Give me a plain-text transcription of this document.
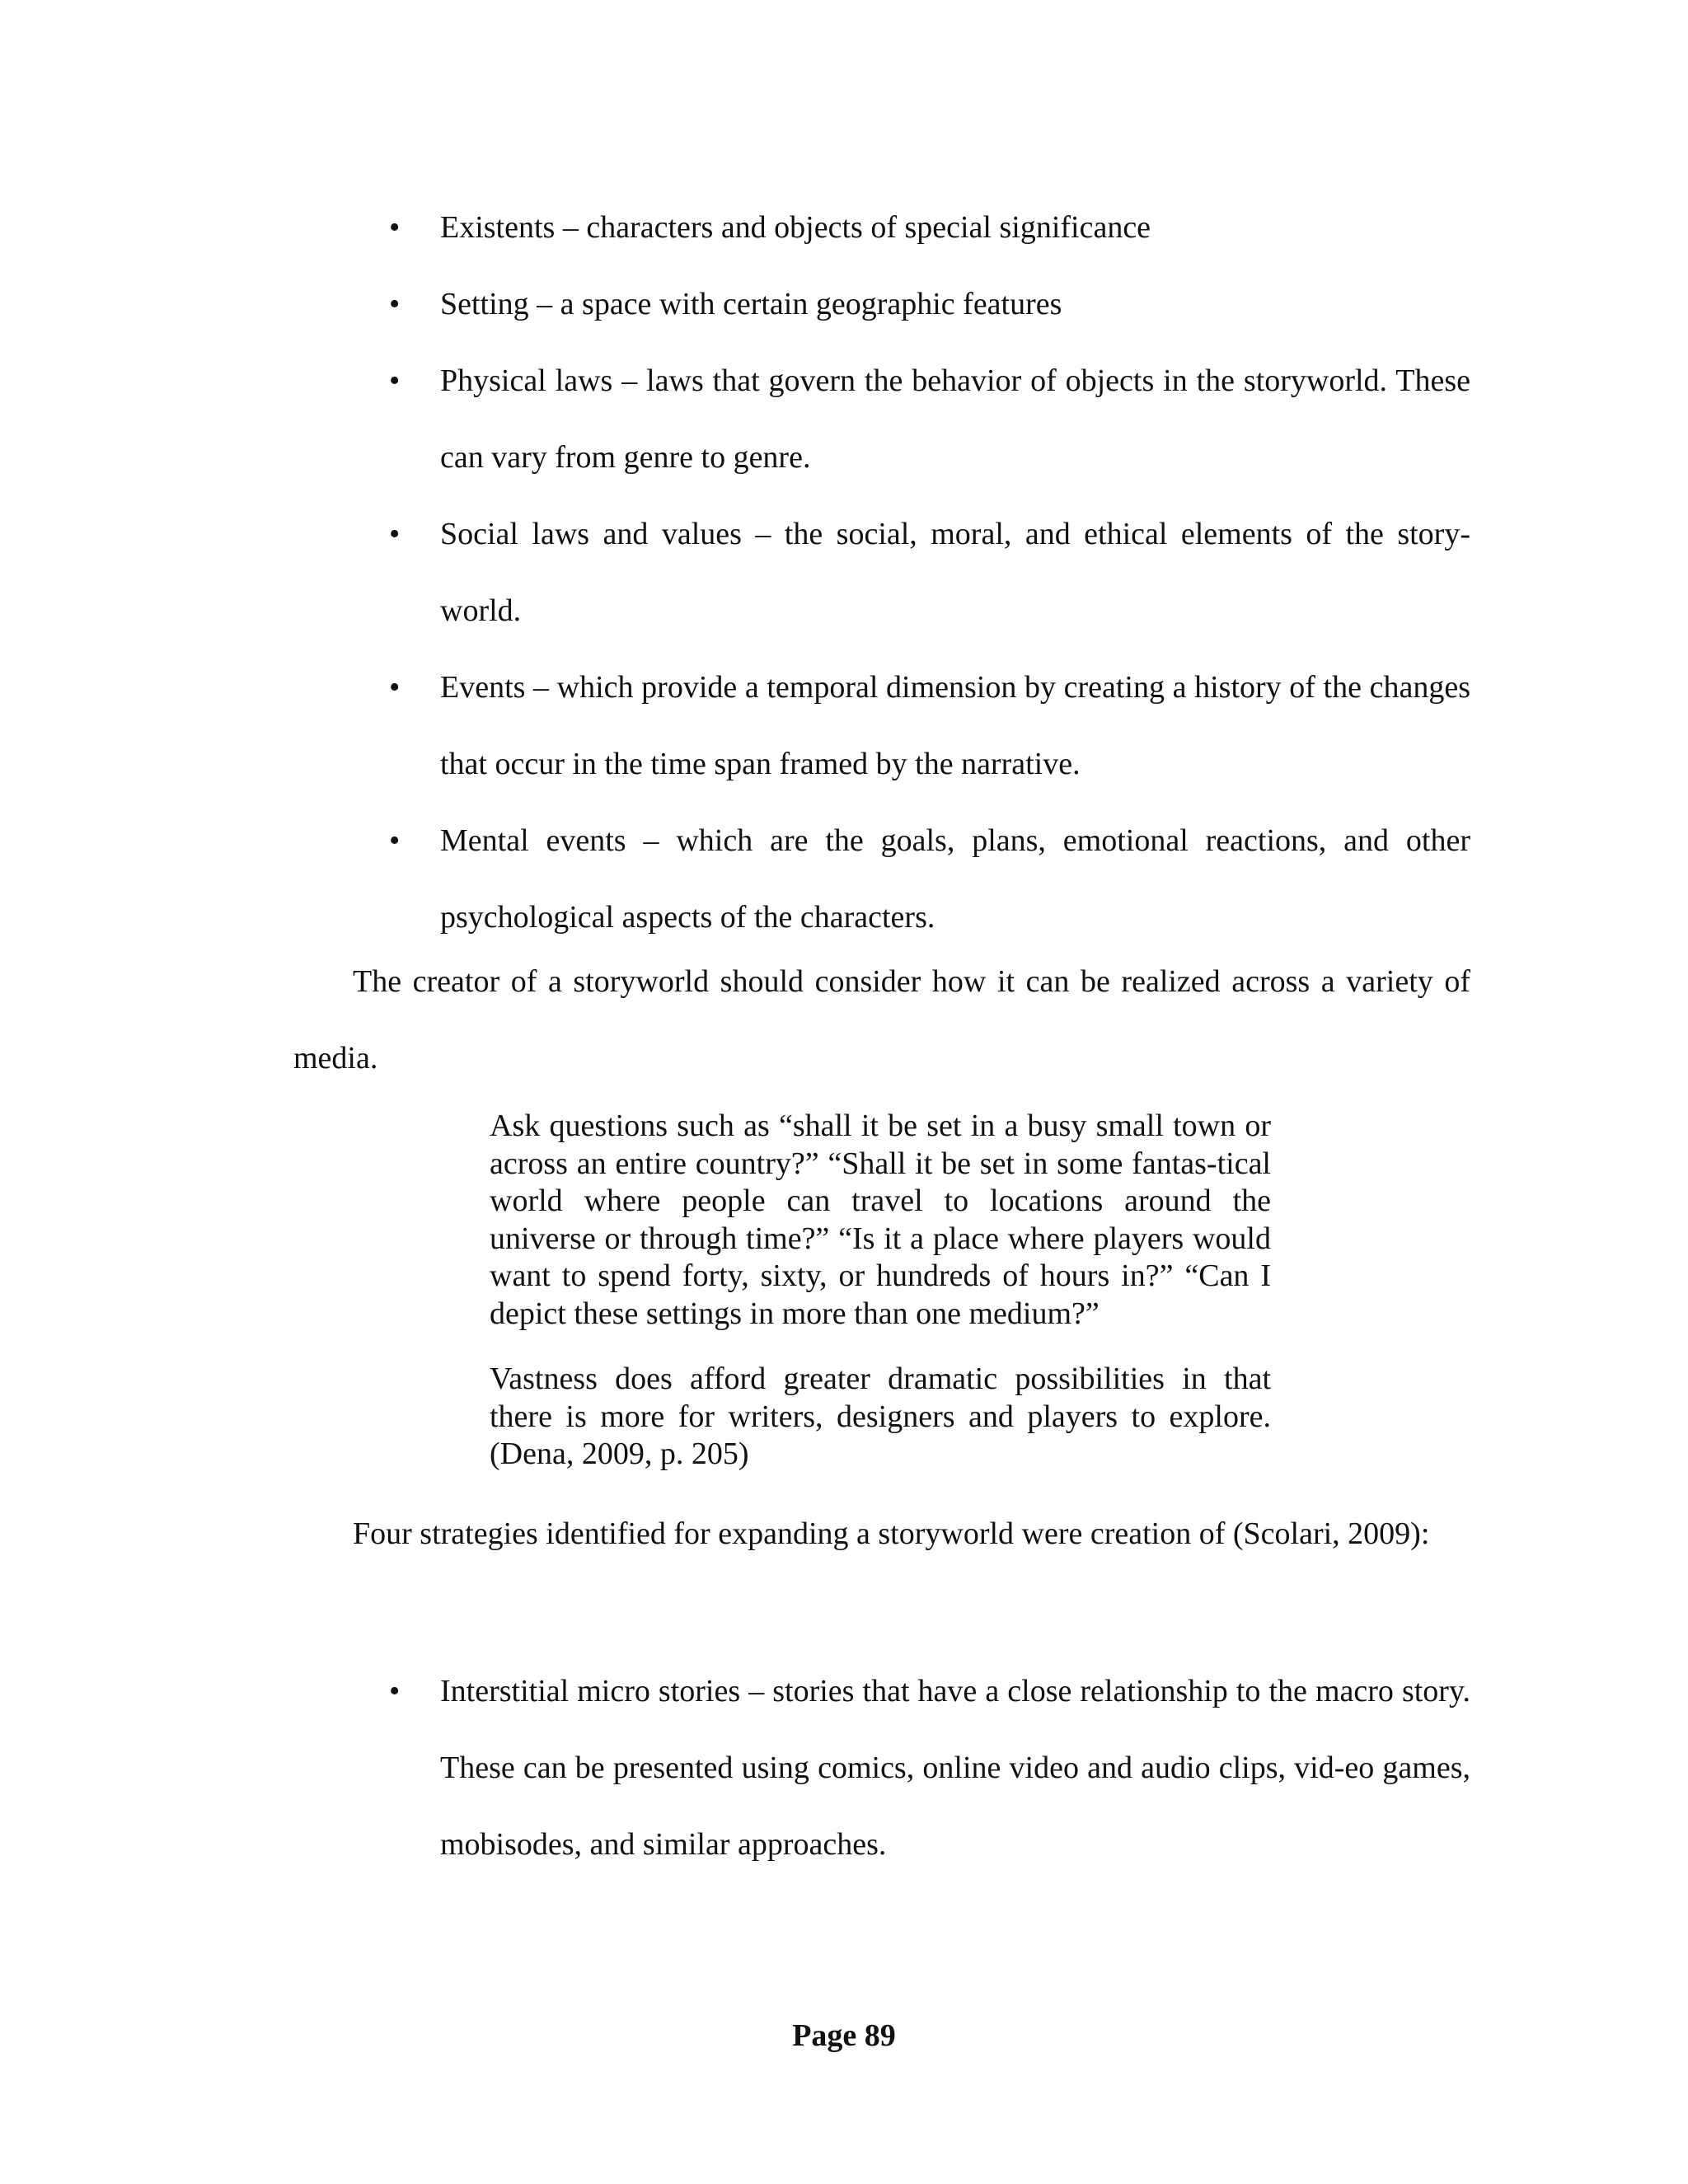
•	Existents – characters and objects of special significance
•	Setting – a space with certain geographic features
•	Physical laws – laws that govern the behavior of objects in the storyworld. These can vary from genre to genre.
•	Social laws and values – the social, moral, and ethical elements of the story-world.
•	Events – which provide a temporal dimension by creating a history of the changes that occur in the time span framed by the narrative.
•	Mental events – which are the goals, plans, emotional reactions, and other psychological aspects of the characters.

The creator of a storyworld should consider how it can be realized across a variety of media.

Ask questions such as “shall it be set in a busy small town or across an entire country?” “Shall it be set in some fantas-tical world where people can travel to locations around the universe or through time?” “Is it a place where players would want to spend forty, sixty, or hundreds of hours in?” “Can I depict these settings in more than one medium?”

Vastness does afford greater dramatic possibilities in that there is more for writers, designers and players to explore. (Dena, 2009, p. 205)

Four strategies identified for expanding a storyworld were creation of (Scolari, 2009):

•	Interstitial micro stories – stories that have a close relationship to the macro story. These can be presented using comics, online video and audio clips, vid-eo games, mobisodes, and similar approaches.
Page 89
